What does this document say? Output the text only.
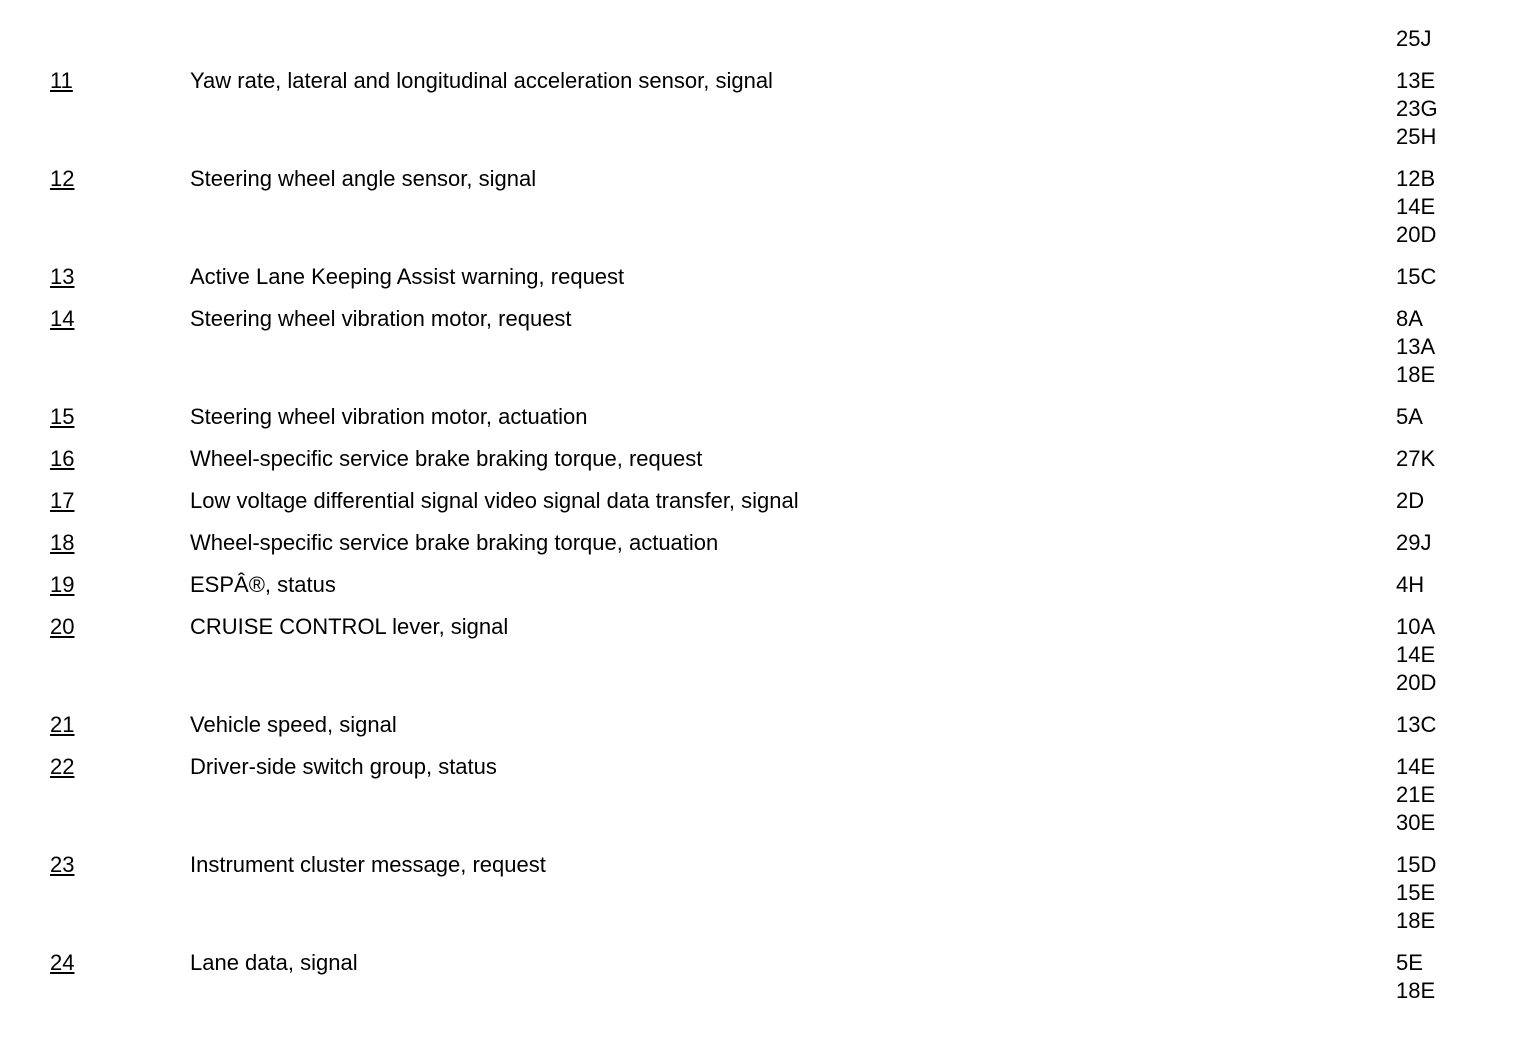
25J
11	Yaw rate, lateral and longitudinal acceleration sensor, signal	13E
23G
25H
12	Steering wheel angle sensor, signal	12B
14E
20D
13	Active Lane Keeping Assist warning, request	15C
14	Steering wheel vibration motor, request	8A
13A
18E
15	Steering wheel vibration motor, actuation	5A
16	Wheel-specific service brake braking torque, request	27K
17	Low voltage differential signal video signal data transfer, signal	2D
18	Wheel-specific service brake braking torque, actuation	29J
19	ESPÂ®, status	4H
20	CRUISE CONTROL lever, signal	10A
14E
20D
21	Vehicle speed, signal	13C
22	Driver-side switch group, status	14E
21E
30E
23	Instrument cluster message, request	15D
15E
18E
24	Lane data, signal	5E
18E
